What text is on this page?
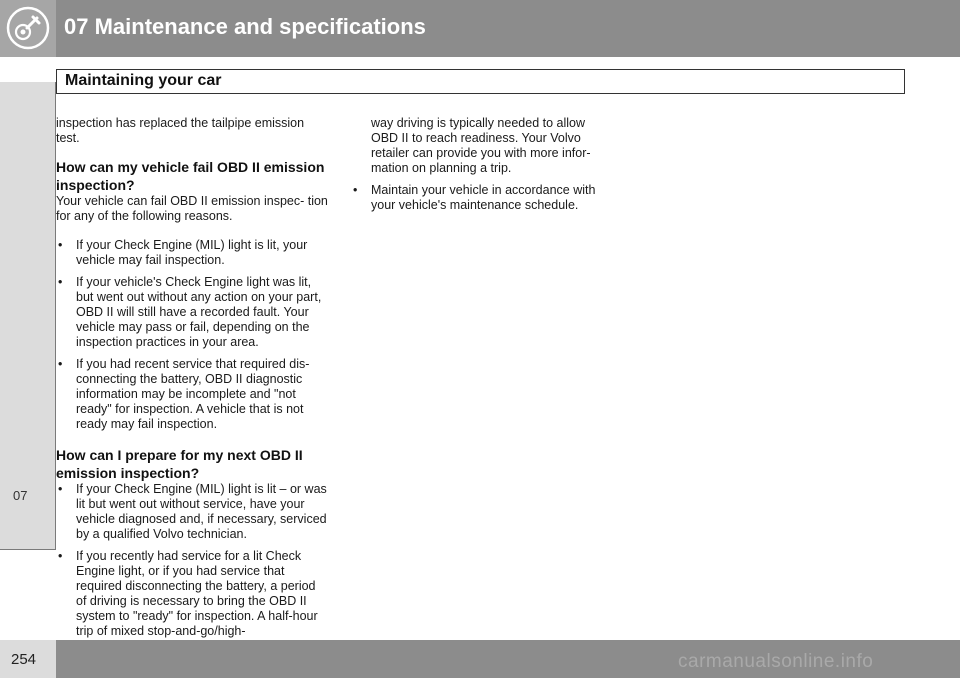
07 Maintenance and specifications
Maintaining your car
07

inspection has replaced the tailpipe emission test.

How can my vehicle fail OBD II emission inspection?

Your vehicle can fail OBD II emission inspec- tion for any of the following reasons.

• If your Check Engine (MIL) light is lit, your vehicle may fail inspection.
• If your vehicle's Check Engine light was lit, but went out without any action on your part, OBD II will still have a recorded fault. Your vehicle may pass or fail, depending on the inspection practices in your area.
• If you had recent service that required dis- connecting the battery, OBD II diagnostic information may be incomplete and "not ready" for inspection. A vehicle that is not ready may fail inspection.

How can I prepare for my next OBD II emission inspection?

• If your Check Engine (MIL) light is lit – or was lit but went out without service, have your vehicle diagnosed and, if necessary, serviced by a qualified Volvo technician.
• If you recently had service for a lit Check Engine light, or if you had service that required disconnecting the battery, a period of driving is necessary to bring the OBD II system to "ready" for inspection. A half-hour trip of mixed stop-and-go/high-

way driving is typically needed to allow OBD II to reach readiness. Your Volvo retailer can provide you with more infor- mation on planning a trip.

• Maintain your vehicle in accordance with your vehicle's maintenance schedule.
254	carmanualsonline.info
